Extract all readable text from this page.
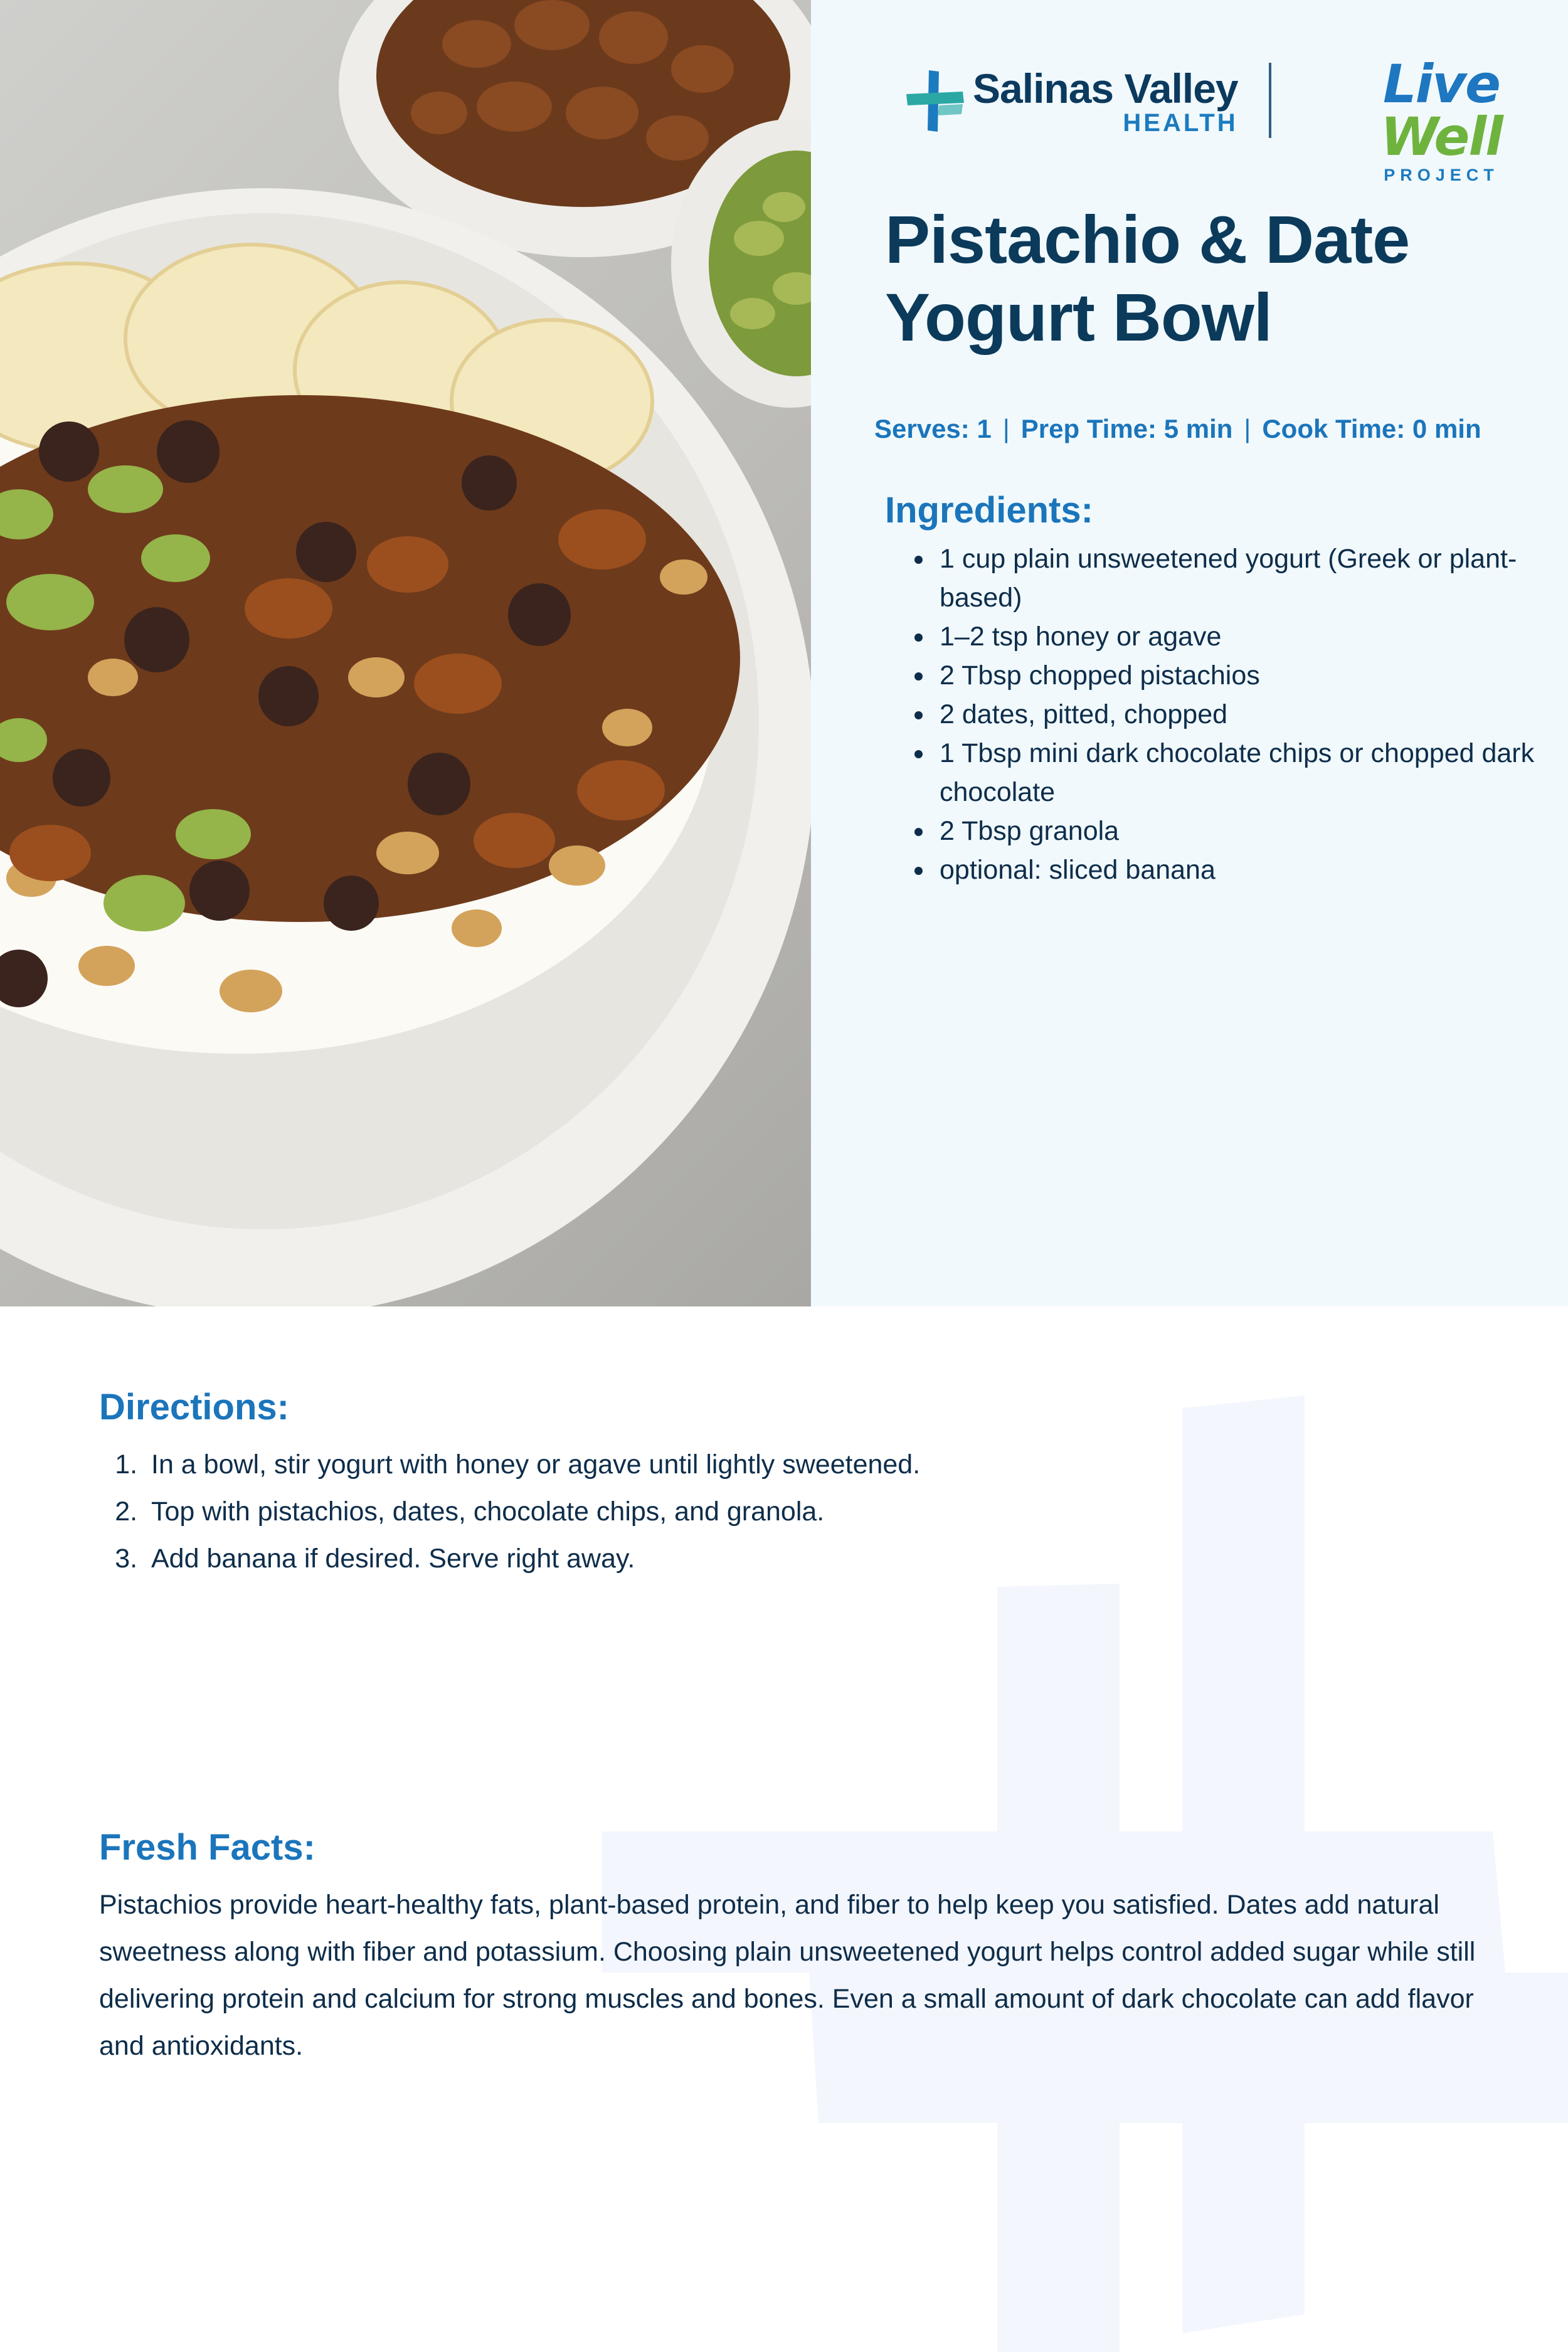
Salinas Valley
HEALTH
Live Well
PROJECT
Pistachio & Date
Yogurt Bowl
Serves: 1 | Prep Time: 5 min | Cook Time: 0 min
Ingredients:
• 1 cup plain unsweetened yogurt (Greek or plant-based)
• 1–2 tsp honey or agave
• 2 Tbsp chopped pistachios
• 2 dates, pitted, chopped
• 1 Tbsp mini dark chocolate chips or chopped dark chocolate
• 2 Tbsp granola
• optional: sliced banana
Directions:
1. In a bowl, stir yogurt with honey or agave until lightly sweetened.
2. Top with pistachios, dates, chocolate chips, and granola.
3. Add banana if desired. Serve right away.
Fresh Facts:

Pistachios provide heart-healthy fats, plant-based protein, and fiber to help keep you satisfied. Dates add natural sweetness along with fiber and potassium. Choosing plain unsweetened yogurt helps control added sugar while still delivering protein and calcium for strong muscles and bones. Even a small amount of dark chocolate can add flavor and antioxidants.
